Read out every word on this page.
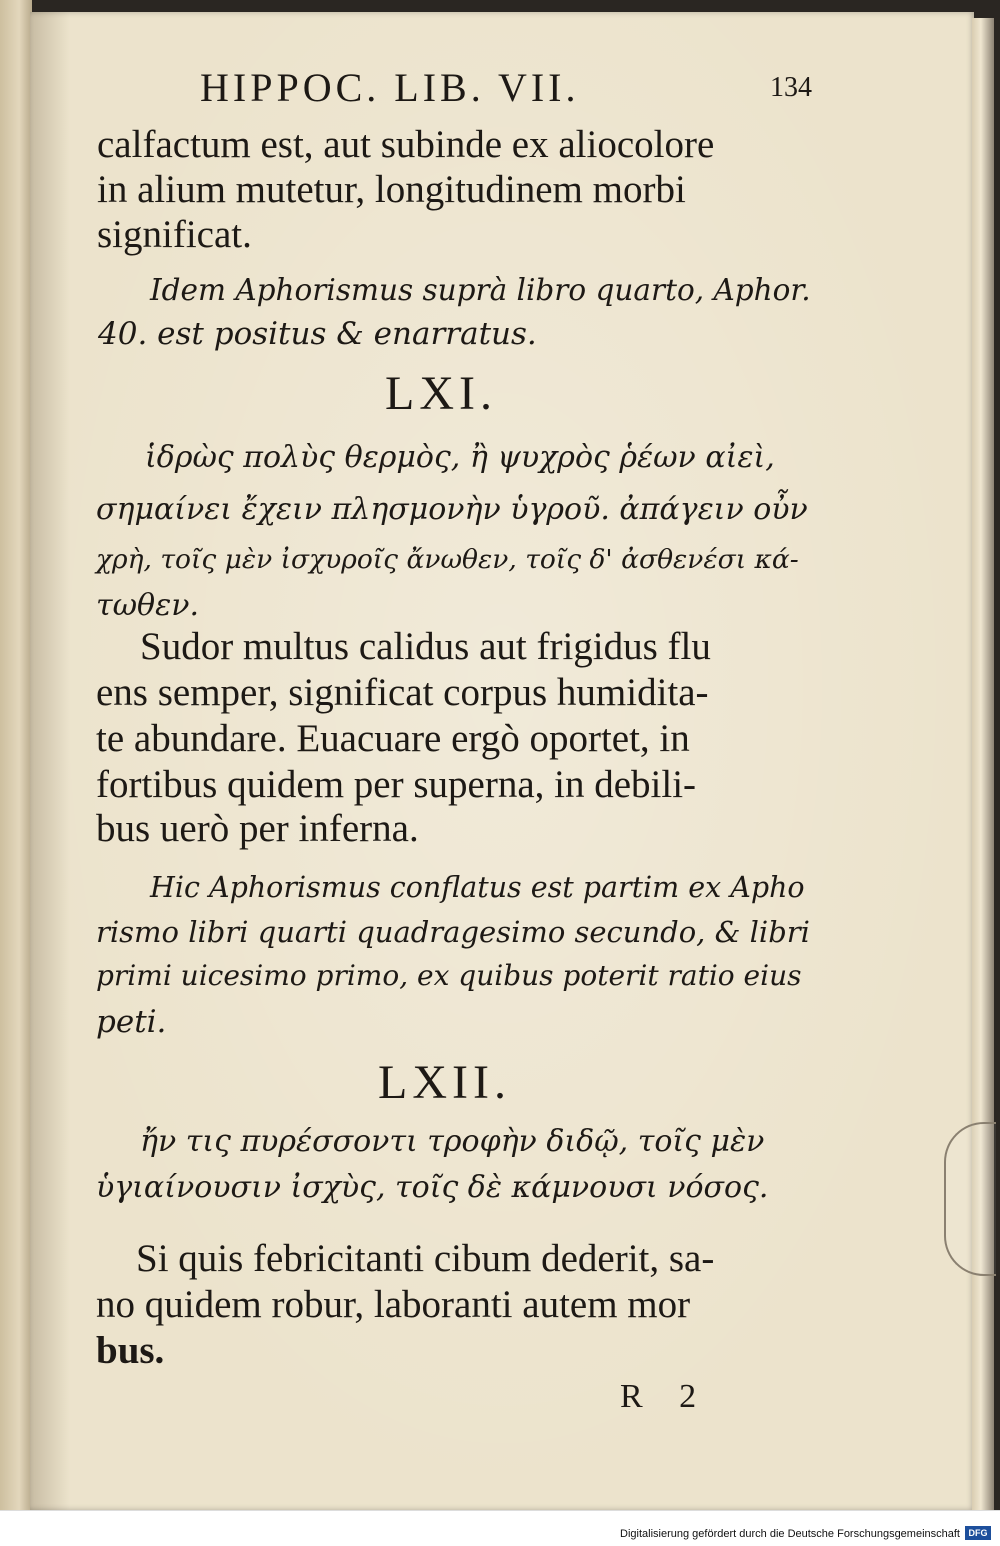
HIPPOC. LIB. VII.	134
calfactum est, aut subinde ex aliocolore
in alium mutetur, longitudinem morbi
significat.
Idem Aphorismus suprà libro quarto, Aphor.
40. est positus & enarratus.
LXI.
ἱδρὼς πολὺς θερμὸς, ἢ ψυχρὸς ῥέων αἰεὶ,
σημαίνει ἔχειν πλησμονὴν ὑγροῦ. ἀπάγειν οὖν
χρὴ, τοῖς μὲν ἰσχυροῖς ἄνωθεν, τοῖς δ' ἀσθενέσι κά-
τωθεν.
Sudor multus calidus aut frigidus flu
ens semper, significat corpus humidita-
te abundare. Euacuare ergò oportet, in
fortibus quidem per superna, in debili-
bus uerò per inferna.
Hic Aphorismus conflatus est partim ex Apho
rismo libri quarti quadragesimo secundo, & libri
primi uicesimo primo, ex quibus poterit ratio eius
peti.
LXII.
ἤν τις πυρέσσοντι τροφὴν διδῷ, τοῖς μὲν
ὑγιαίνουσιν ἰσχὺς, τοῖς δὲ κάμνουσι νόσος.
Si quis febricitanti cibum dederit, sa-
no quidem robur, laboranti autem mor
bus.
R 2
Digitalisierung gefördert durch die Deutsche Forschungsgemeinschaft DFG
